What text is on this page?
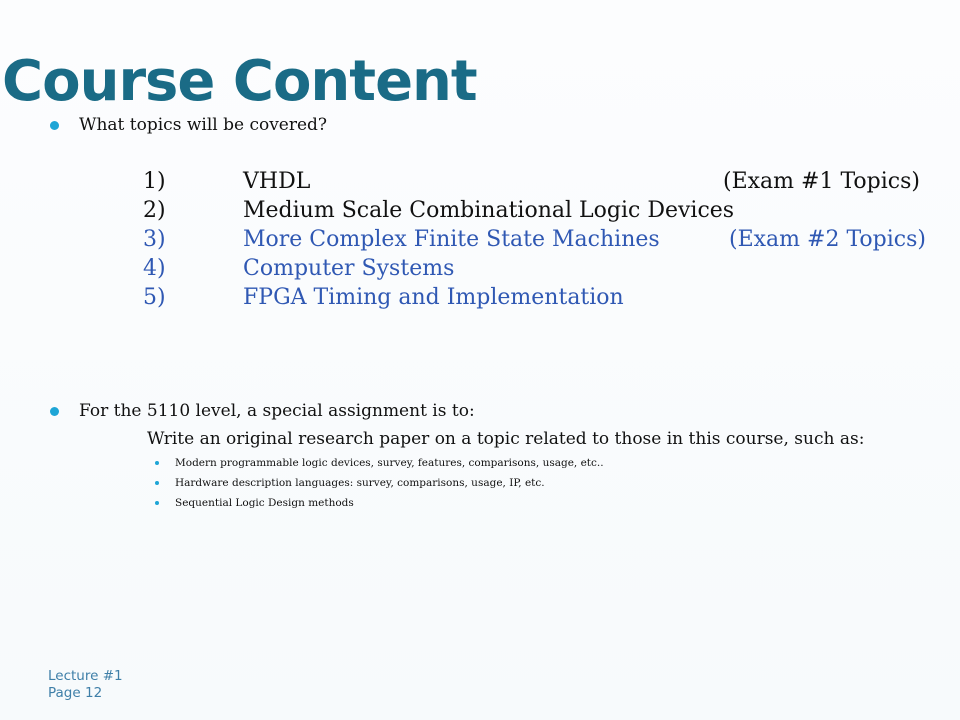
Course Content
What topics will be covered?
1)	VHDL	(Exam #1 Topics)
2)	Medium Scale Combinational Logic Devices
3)	More Complex Finite State Machines	(Exam #2 Topics)
4)	Computer Systems
5)	FPGA Timing and Implementation
For the 5110 level, a special assignment is to:
Write an original research paper on a topic related to those in this course, such as:
Modern programmable logic devices, survey, features, comparisons, usage, etc..
Hardware description languages: survey, comparisons, usage, IP, etc.
Sequential Logic Design methods
Lecture #1
Page 12
